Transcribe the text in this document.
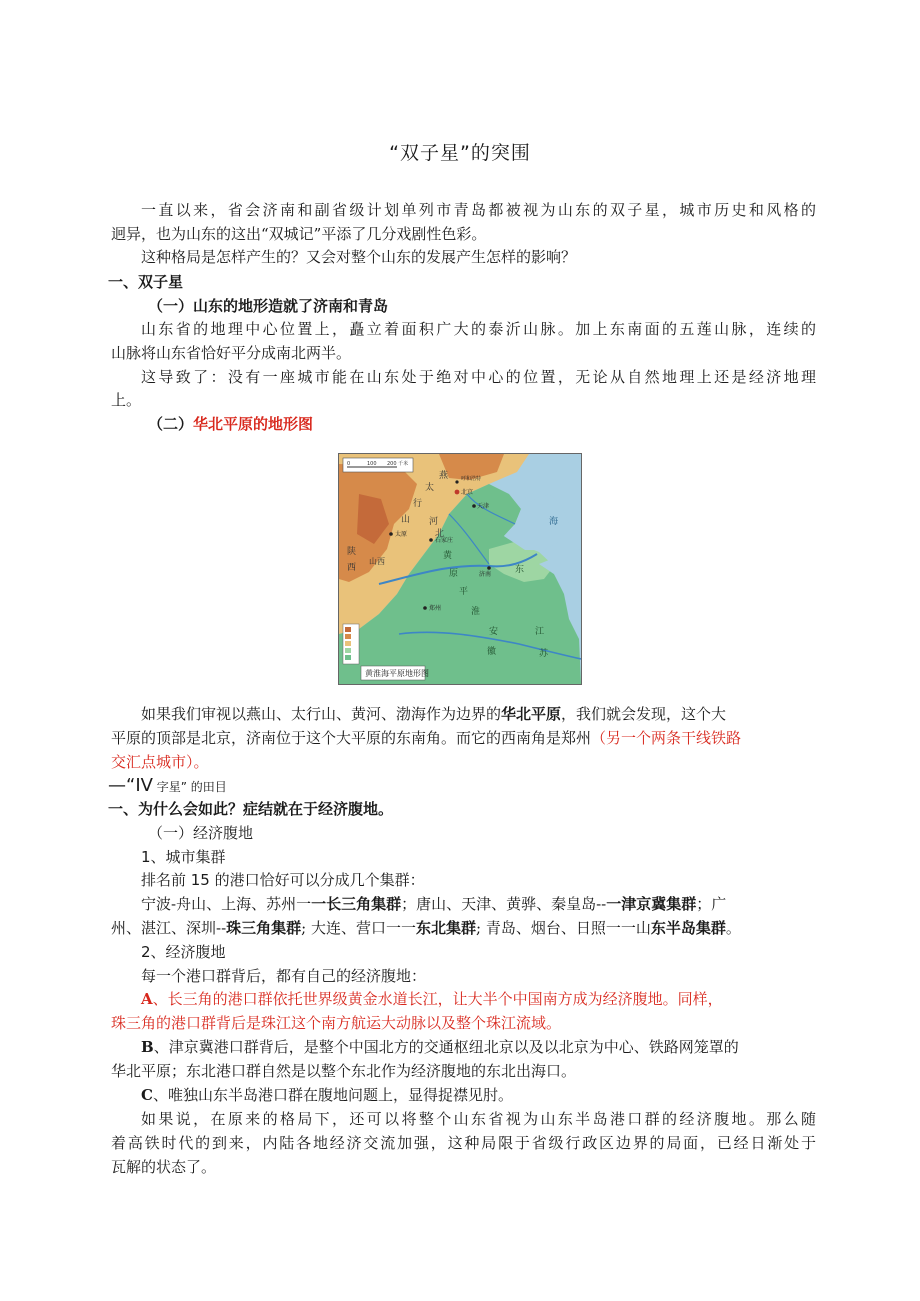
“双子星”的突围
一直以来，省会济南和副省级计划单列市青岛都被视为山东的双子星，城市历史和风格的
迥异，也为山东的这出“双城记”平添了几分戏剧性色彩。
这种格局是怎样产生的？又会对整个山东的发展产生怎样的影响？
一、双子星
（一）山东的地形造就了济南和青岛
山东省的地理中心位置上，矗立着面积广大的泰沂山脉。加上东南面的五莲山脉，连续的
山脉将山东省恰好平分成南北两半。
这导致了：没有一座城市能在山东处于绝对中心的位置，无论从自然地理上还是经济地理
上。
（二）华北平原的地形图
0	100 200 千米
北京
天津
呼和浩特
太原
石家庄
济南
郑州
山
行
太
燕
平
淮
原
黄
海
江
苏
安
徽
河
北
山西
陕
西	东
黄淮海平原地形图
如果我们审视以燕山、太行山、黄河、渤海作为边界的华北平原，我们就会发现，这个大
平原的顶部是北京，济南位于这个大平原的东南角。而它的西南角是郑州（另一个两条干线铁路
交汇点城市）。
—“IV 字星” 的田目
一、为什么会如此？症结就在于经济腹地。
（一）经济腹地
1、城市集群
排名前 15 的港口恰好可以分成几个集群：
宁波-舟山、上海、苏州一一长三角集群；唐山、天津、黄骅、秦皇岛--一津京冀集群；广
州、湛江、深圳--珠三角集群; 大连、营口一一东北集群; 青岛、烟台、日照一一山东半岛集群。
2、经济腹地
每一个港口群背后，都有自己的经济腹地：
A、长三角的港口群依托世界级黄金水道长江，让大半个中国南方成为经济腹地。同样，
珠三角的港口群背后是珠江这个南方航运大动脉以及整个珠江流域。
B、津京冀港口群背后，是整个中国北方的交通枢纽北京以及以北京为中心、铁路网笼罩的
华北平原；东北港口群自然是以整个东北作为经济腹地的东北出海口。
C、唯独山东半岛港口群在腹地问题上，显得捉襟见肘。
如果说，在原来的格局下，还可以将整个山东省视为山东半岛港口群的经济腹地。那么随
着高铁时代的到来，内陆各地经济交流加强，这种局限于省级行政区边界的局面，已经日渐处于
瓦解的状态了。
